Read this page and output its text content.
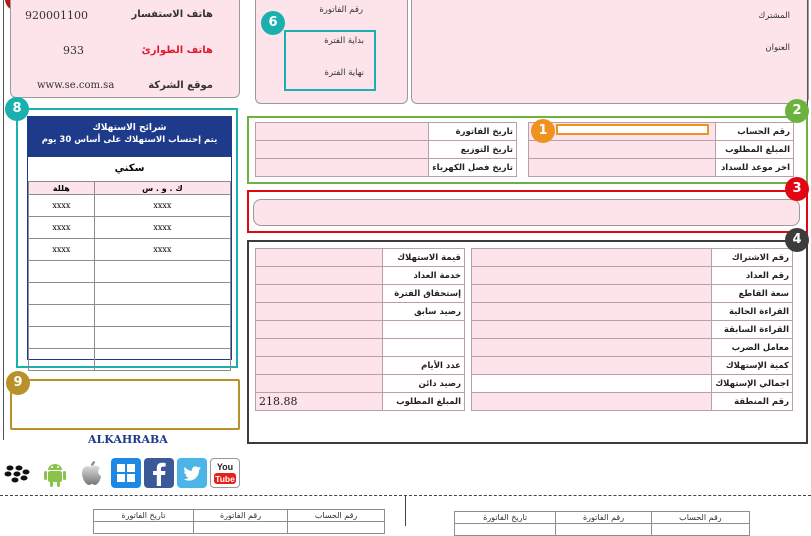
920001100	هاتف الاستفسار
933	هاتف الطوارئ
www.se.com.sa	موقع الشركة
رقم الفاتورة
بداية الفترة
نهاية الفترة
6	المشترك
العنوان
	تاريخ الفاتورة
	تاريخ التوزيع
	تاريخ فصل الكهرباء
	رقم الحساب
	المبلغ المطلوب
	اخر موعد للسداد
1
2
3
	قيمة الاستهلاك
	خدمة العداد
	إستحقاق الفترة
	رصيد سابق

	عدد الأيام
	رصيد دائن
218.88	المبلغ المطلوب
	رقم الاشتراك
	رقم العداد
	سعة القاطع
	القراءة الحالية
	القراءة السابقة
	معامل الضرب
	كمية الإستهلاك
	اجمالي الإستهلاك
	رقم المنطقة
4
شرائح الاستهلاك
يتم إحتساب الاستهلاك على أساس 30 يوم
سكني
هللة	ك . و . س
xxxx	xxxx
xxxx	xxxx
xxxx	xxxx

8
9
ALKAHRABA
You
Tube
رقم الحساب	رقم الفاتورة	تاريخ الفاتورة
			رقم الحساب	رقم الفاتورة	تاريخ الفاتورة
